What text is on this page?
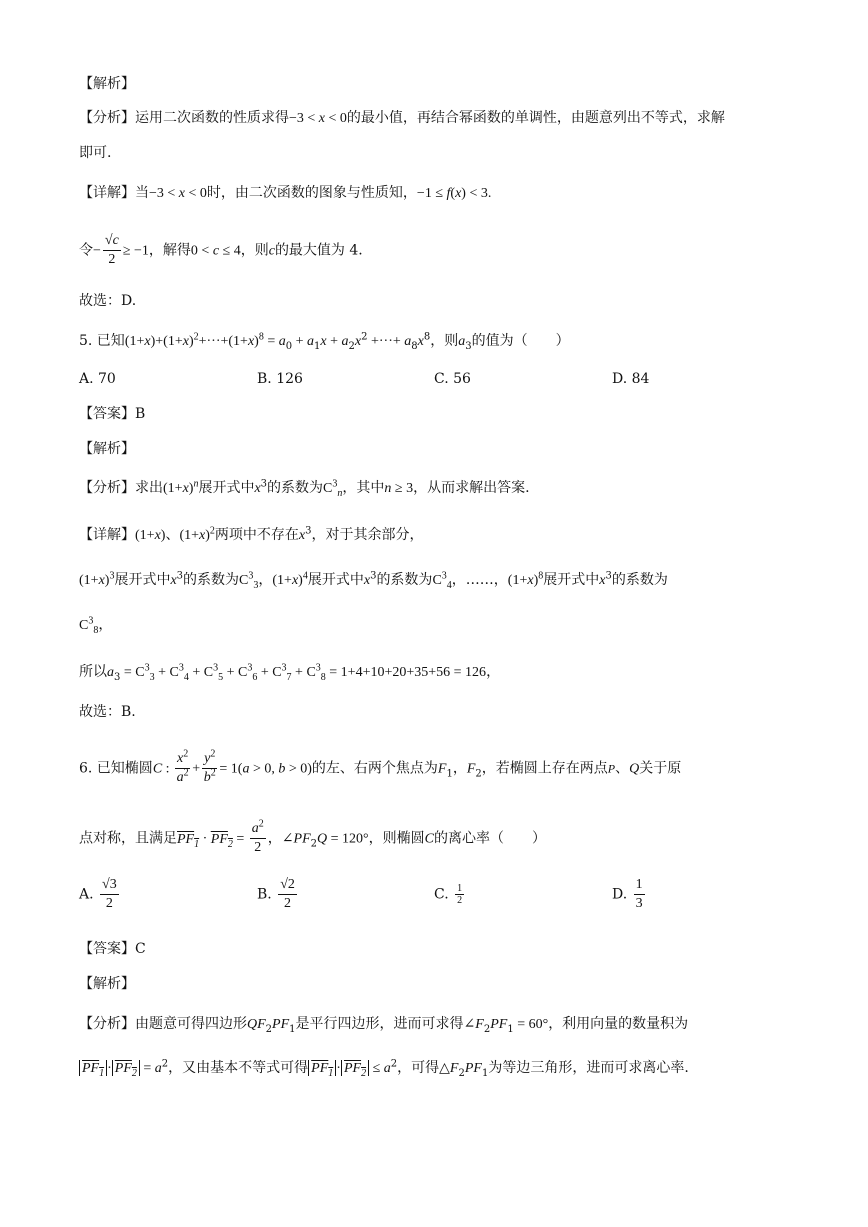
【解析】
【分析】运用二次函数的性质求得−3 < x < 0的最小值，再结合幂函数的单调性，由题意列出不等式，求解
即可.
【详解】当−3 < x < 0时，由二次函数的图象与性质知，−1 ≤ f(x) < 3.
令− $\frac{√c}{2} \ge -1$，解得0 < c ≤ 4，则c的最大值为 4.
故选：D.
5. 已知$(1+x)+(1+x)^2+\cdot\cdot\cdot+(1+x)^8 = a_0 + a_1x + a_2x^2$ +···+ $a_8x^8$，则$a_3$的值为（　　）
A. 70	B. 126	C. 56	D. 84
【答案】B
【解析】
【分析】求出$(1+x)^n$展开式中$x^3$的系数为$C^3_n$，其中n ≥ 3，从而求解出答案.
【详解】(1+x)、$(1+x)^2$两项中不存在$x^3$，对于其余部分，
$(1+x)^3$展开式中$x^3$的系数为$C^3_3$，$(1+x)^4$展开式中$x^3$的系数为$C^3_4$，……，$(1+x)^8$展开式中$x^3$的系数为
$C^3_8$，
所以$a_3 = C^3_3 + C^3_4 + C^3_5 + C^3_6 + C^3_7 + C^3_8 = 1+4+10+20+35+56 = 126$，
故选：B.
6. 已知椭圆C : $\frac{x^2}{a^2} + \frac{y^2}{b^2} = 1(a > 0$, b > 0)的左、右两个焦点为$F_1$，$F_2$，若椭圆上存在两点P、Q关于原
点对称，且满足$PF_1 \cdot PF_2 = \frac{a^2}{2}$ ，$\angle PF_2Q = 120^\circ$，则椭圆C的离心率（　　）
A. $\frac{√3}{2}$	B. $\frac{√2}{2}$	C. $\frac{1}{2}$	D. $\frac{1}{3}$
【答案】C
【解析】
【分析】由题意可得四边形$QF_2PF_1$是平行四边形，进而可求得$\angle F_2PF_1 = 60^\circ$，利用向量的数量积为
$PF_1 \cdot PF_2 = a^2$，又由基本不等式可得 $PF_1 \cdot PF_2 \le a^2$，可得$\triangle F_2PF_1$为等边三角形，进而可求离心率.
